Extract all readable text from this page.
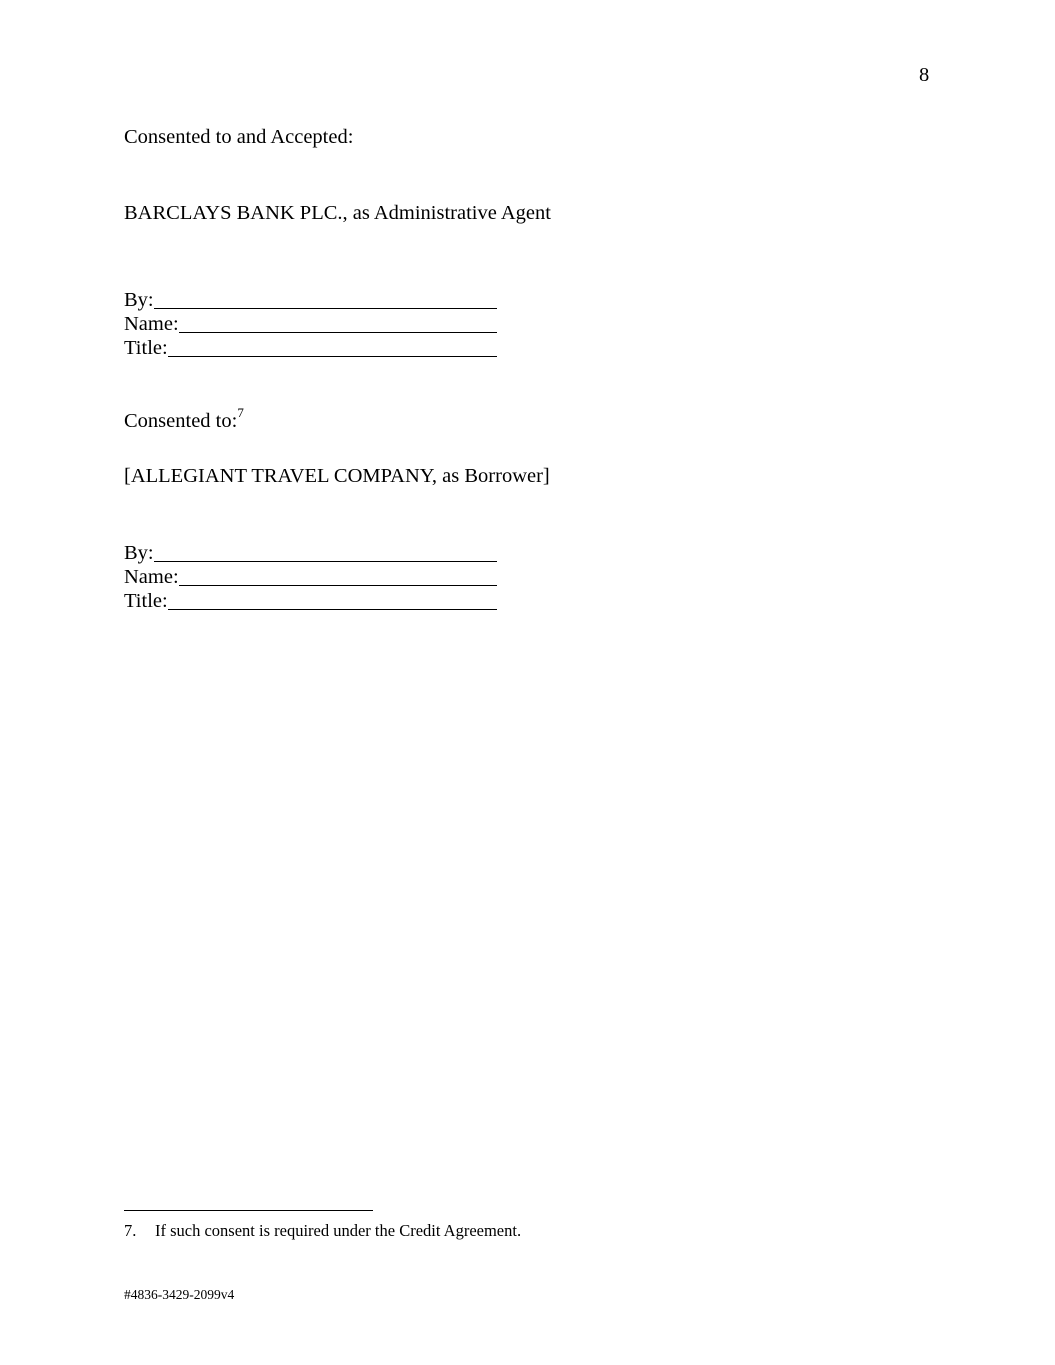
8
Consented to and Accepted:
BARCLAYS BANK PLC., as Administrative Agent
By:
Name:
Title:
Consented to:$^7$
[ALLEGIANT TRAVEL COMPANY, as Borrower]
By:
Name:
Title:
7. If such consent is required under the Credit Agreement.
#4836-3429-2099v4
